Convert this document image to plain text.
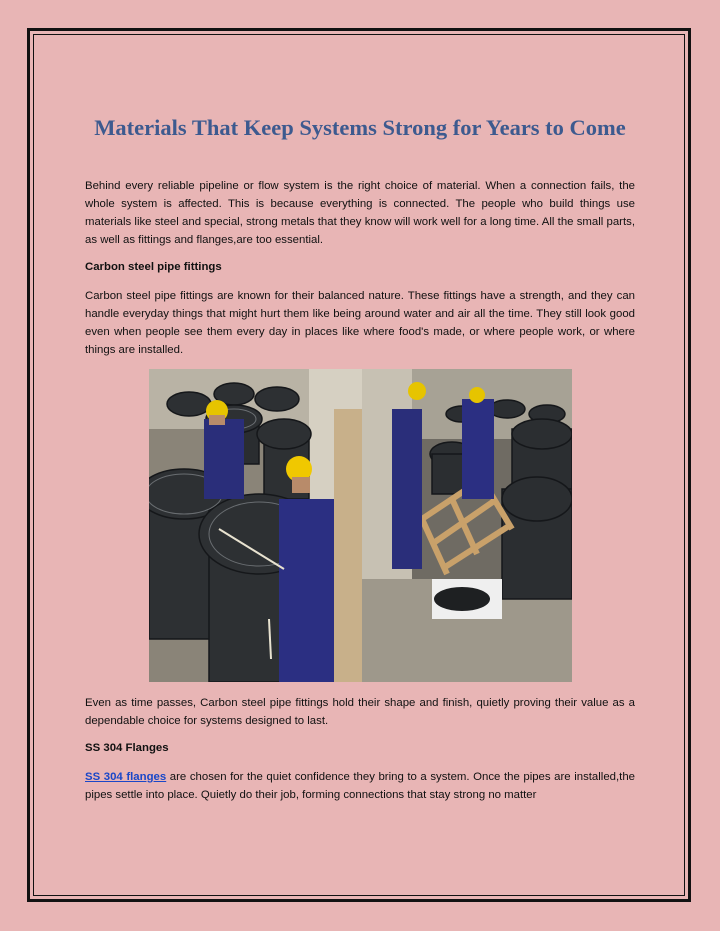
Materials That Keep Systems Strong for Years to Come

Behind every reliable pipeline or flow system is the right choice of material. When a connection fails, the whole system is affected. This is because everything is connected. The people who build things use materials like steel and special, strong metals that they know will work well for a long time. All the small parts, as well as fittings and flanges,are too essential.

Carbon steel pipe fittings

Carbon steel pipe fittings are known for their balanced nature. These fittings have a strength, and they can handle everyday things that might hurt them like being around water and air all the time. They still look good even when people see them every day in places like where food's made, or where people work, or where things are installed.

Even as time passes, Carbon steel pipe fittings hold their shape and finish, quietly proving their value as a dependable choice for systems designed to last.

SS 304 Flanges

SS 304 flanges are chosen for the quiet confidence they bring to a system. Once the pipes are installed,the pipes settle into place. Quietly do their job, forming connections that stay strong no matter
